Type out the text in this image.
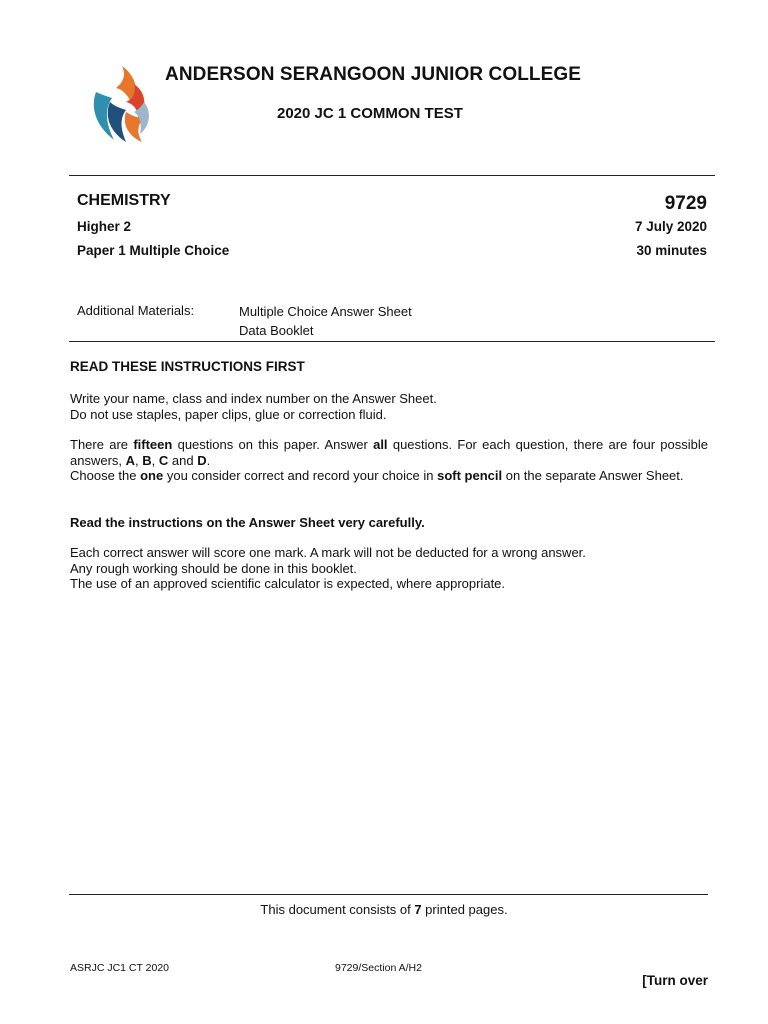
ANDERSON SERANGOON JUNIOR COLLEGE
2020 JC 1 COMMON TEST
CHEMISTRY	9729
Higher 2	7 July 2020
Paper 1 Multiple Choice	30 minutes
Additional Materials:	Multiple Choice Answer Sheet
Data Booklet
READ THESE INSTRUCTIONS FIRST
Write your name, class and index number on the Answer Sheet.
Do not use staples, paper clips, glue or correction fluid.
There are fifteen questions on this paper. Answer all questions. For each question, there are four possible answers, A, B, C and D.
Choose the one you consider correct and record your choice in soft pencil on the separate Answer Sheet.
Read the instructions on the Answer Sheet very carefully.
Each correct answer will score one mark. A mark will not be deducted for a wrong answer.
Any rough working should be done in this booklet.
The use of an approved scientific calculator is expected, where appropriate.
This document consists of 7 printed pages.
ASRJC JC1 CT 2020	9729/Section A/H2
[Turn over
